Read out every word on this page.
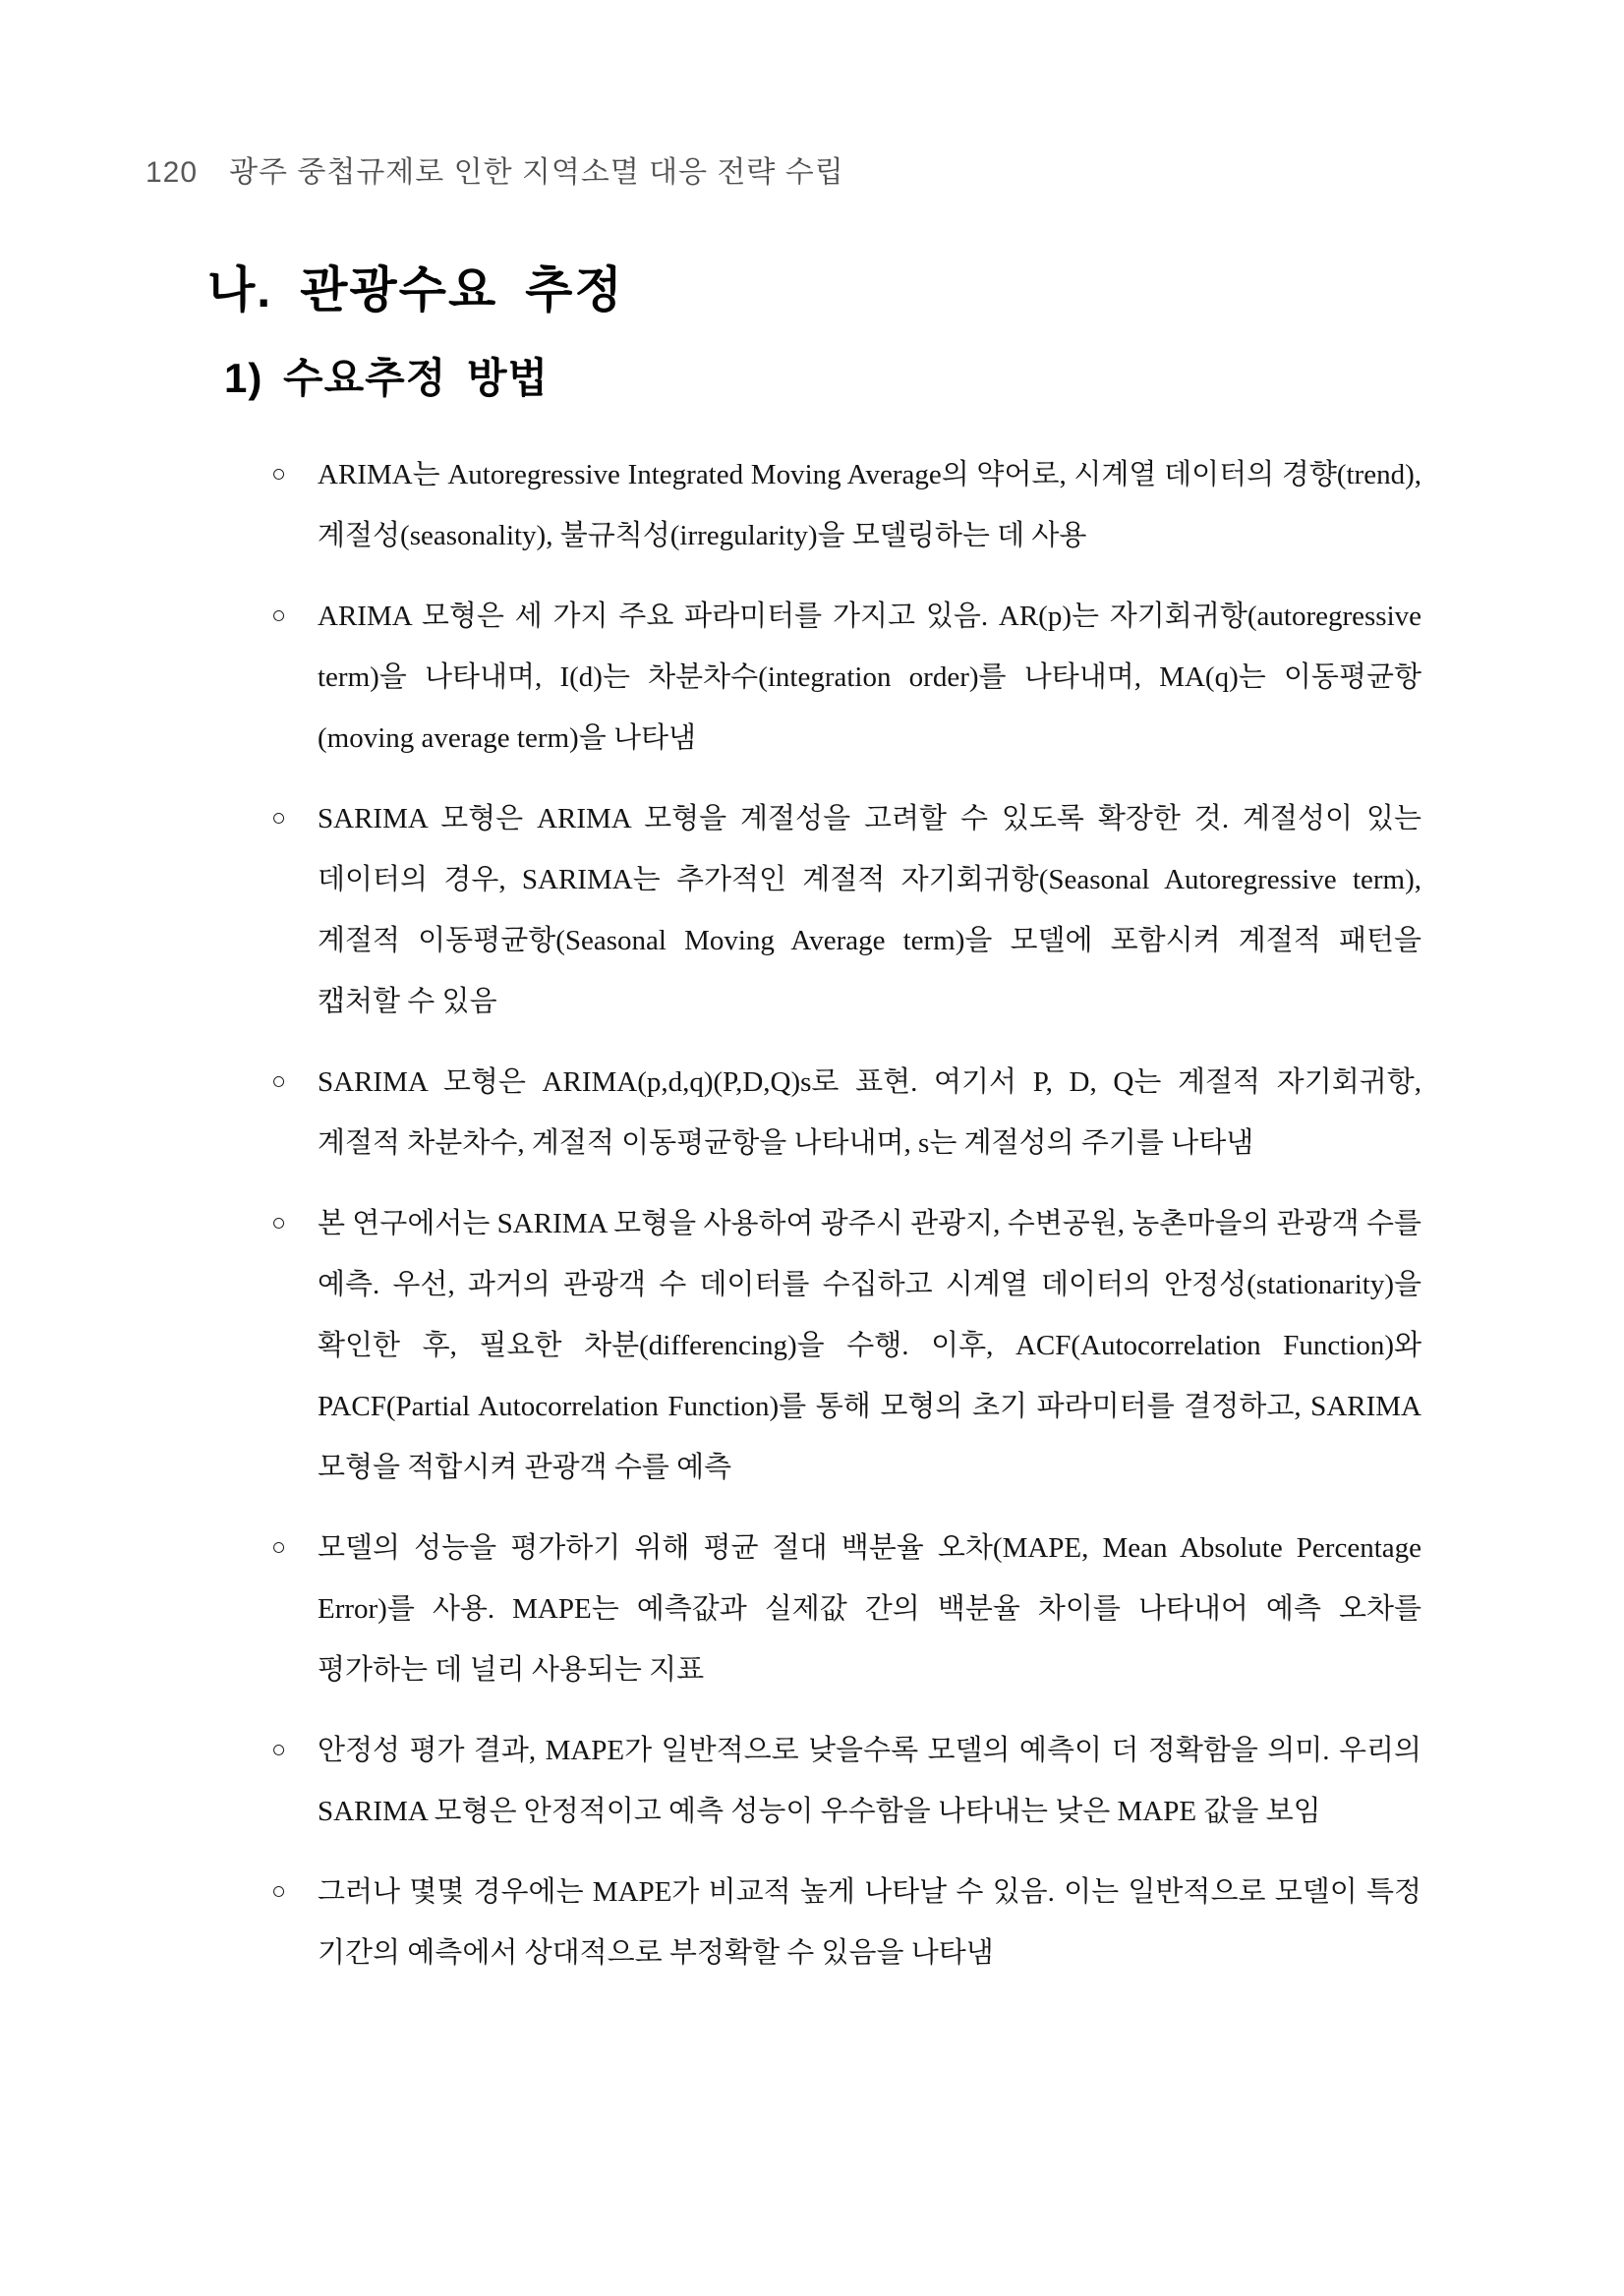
120 광주 중첩규제로 인한 지역소멸 대응 전략 수립
나. 관광수요 추정
1) 수요추정 방법
○	ARIMA는 Autoregressive Integrated Moving Average의 약어로, 시계열 데이터의 경향(trend), 계절성(seasonality), 불규칙성(irregularity)을 모델링하는 데 사용

○	ARIMA 모형은 세 가지 주요 파라미터를 가지고 있음. AR(p)는 자기회귀항(autoregressive term)을 나타내며, I(d)는 차분차수(integration order)를 나타내며, MA(q)는 이동평균항(moving average term)을 나타냄

○	SARIMA 모형은 ARIMA 모형을 계절성을 고려할 수 있도록 확장한 것. 계절성이 있는 데이터의 경우, SARIMA는 추가적인 계절적 자기회귀항(Seasonal Autoregressive term), 계절적 이동평균항(Seasonal Moving Average term)을 모델에 포함시켜 계절적 패턴을 캡처할 수 있음

○	SARIMA 모형은 ARIMA(p,d,q)(P,D,Q)s로 표현. 여기서 P, D, Q는 계절적 자기회귀항, 계절적 차분차수, 계절적 이동평균항을 나타내며, s는 계절성의 주기를 나타냄

○	본 연구에서는 SARIMA 모형을 사용하여 광주시 관광지, 수변공원, 농촌마을의 관광객 수를 예측. 우선, 과거의 관광객 수 데이터를 수집하고 시계열 데이터의 안정성(stationarity)을 확인한 후, 필요한 차분(differencing)을 수행. 이후, ACF(Autocorrelation Function)와 PACF(Partial Autocorrelation Function)를 통해 모형의 초기 파라미터를 결정하고, SARIMA 모형을 적합시켜 관광객 수를 예측

○	모델의 성능을 평가하기 위해 평균 절대 백분율 오차(MAPE, Mean Absolute Percentage Error)를 사용. MAPE는 예측값과 실제값 간의 백분율 차이를 나타내어 예측 오차를 평가하는 데 널리 사용되는 지표

○	안정성 평가 결과, MAPE가 일반적으로 낮을수록 모델의 예측이 더 정확함을 의미. 우리의 SARIMA 모형은 안정적이고 예측 성능이 우수함을 나타내는 낮은 MAPE 값을 보임

○	그러나 몇몇 경우에는 MAPE가 비교적 높게 나타날 수 있음. 이는 일반적으로 모델이 특정 기간의 예측에서 상대적으로 부정확할 수 있음을 나타냄
